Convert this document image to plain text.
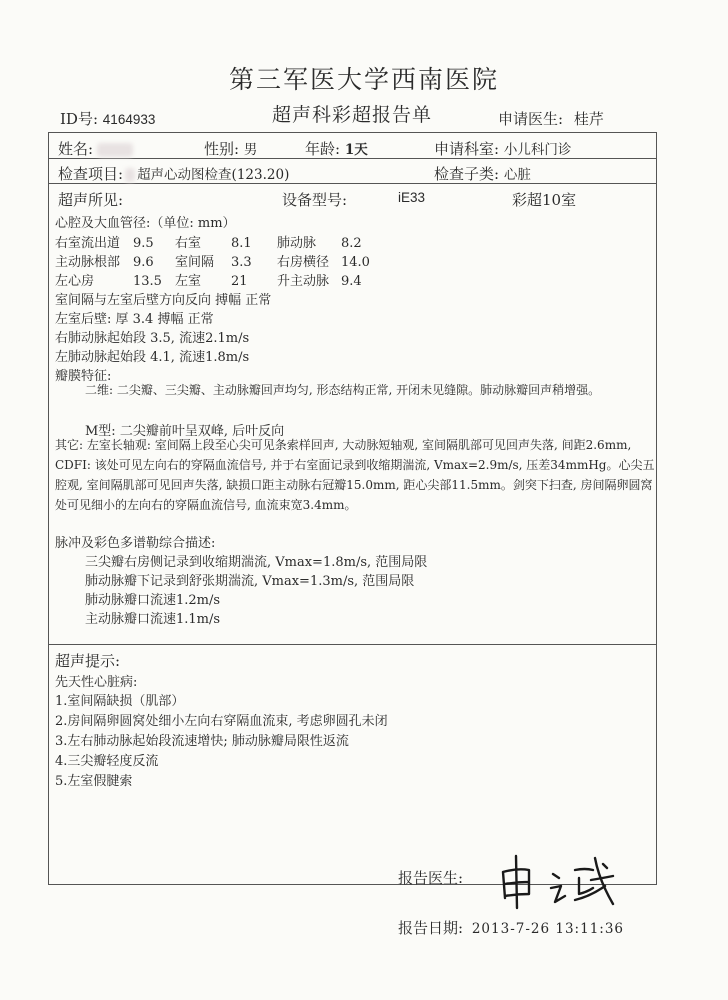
第三军医大学西南医院
超声科彩超报告单
ID号: 4164933	申请医生: 桂芹
姓名:	性别: 男	年龄: 1天	申请科室: 小儿科门诊
检查项目: 超声心动图检查(123.20)	检查子类: 心脏
超声所见:	设备型号:	iE33	彩超10室
心腔及大血管径:（单位: mm）
右室流出道 9.5 右室 8.1 肺动脉 8.2
主动脉根部 9.6 室间隔 3.3 右房横径 14.0
左心房	13.5 左室 21 升主动脉 9.4
室间隔与左室后壁方向反向 搏幅 正常
左室后壁: 厚 3.4 搏幅 正常
右肺动脉起始段 3.5, 流速2.1m/s
左肺动脉起始段 4.1, 流速1.8m/s
瓣膜特征:
二维: 二尖瓣、三尖瓣、主动脉瓣回声均匀, 形态结构正常, 开闭未见缝隙。肺动脉瓣回声稍增强。
M型: 二尖瓣前叶呈双峰, 后叶反向
其它: 左室长轴观: 室间隔上段至心尖可见条索样回声, 大动脉短轴观, 室间隔肌部可见回声失落, 间距2.6mm, CDFI: 该处可见左向右的穿隔血流信号, 并于右室面记录到收缩期湍流, Vmax=2.9m/s, 压差34mmHg。心尖五腔观, 室间隔肌部可见回声失落, 缺损口距主动脉右冠瓣15.0mm, 距心尖部11.5mm。剑突下扫查, 房间隔卵圆窝处可见细小的左向右的穿隔血流信号, 血流束宽3.4mm。
脉冲及彩色多谱勒综合描述:
三尖瓣右房侧记录到收缩期湍流, Vmax=1.8m/s, 范围局限
肺动脉瓣下记录到舒张期湍流, Vmax=1.3m/s, 范围局限
肺动脉瓣口流速1.2m/s
主动脉瓣口流速1.1m/s
超声提示:
先天性心脏病:
1.室间隔缺损（肌部）
2.房间隔卵圆窝处细小左向右穿隔血流束, 考虑卵圆孔未闭
3.左右肺动脉起始段流速增快; 肺动脉瓣局限性返流
4.三尖瓣轻度反流
5.左室假腱索
报告医生:
报告日期: 2013-7-26 13:11:36
